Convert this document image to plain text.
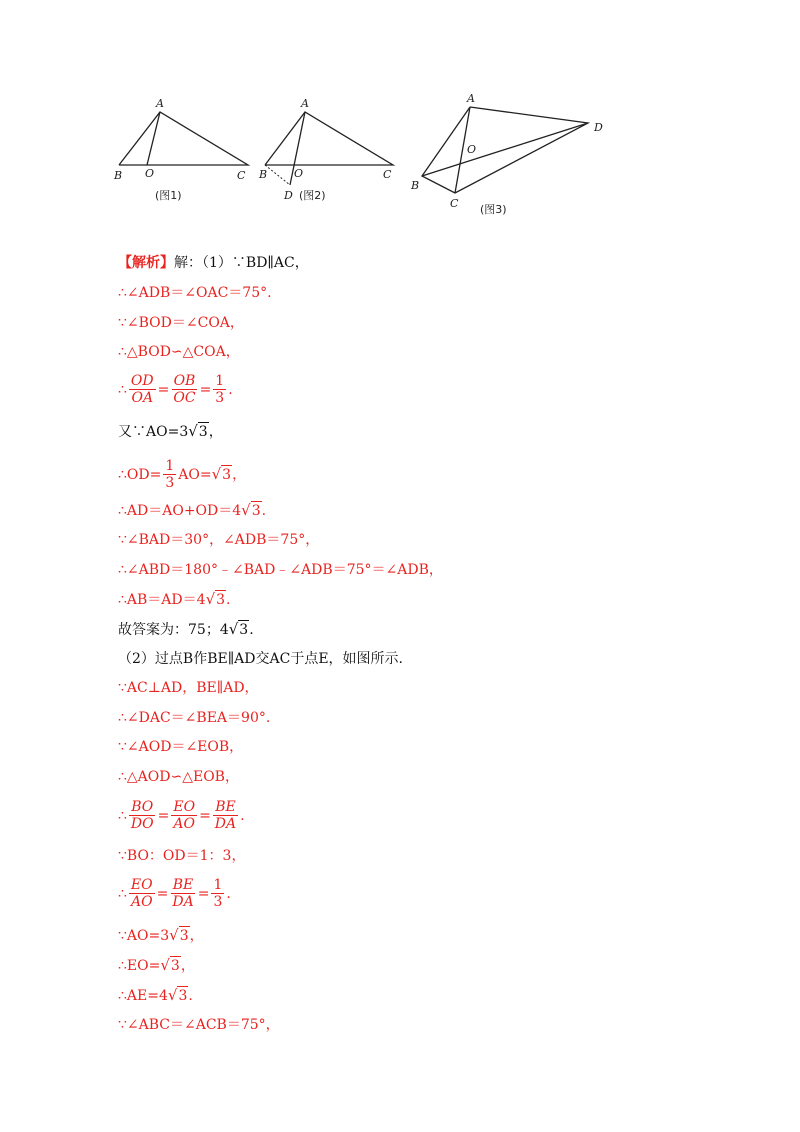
A
O
B	C
(图1)
A
O
B	C
D (图2)
A
O
B
C
D
(图3)
【解析】 解：（1）∵BD∥AC，
∴∠ADB＝∠OAC＝75°.
∵∠BOD＝∠COA，
∴△BOD∽△COA，
∴ $\frac{OD}{OA} = \frac{OB}{OC} = \frac{1}{3}$ .
又∵AO=3 √ 3 ，
∴OD= $\frac{1}{3} AO=$ √ 3 ，
∴AD＝AO+OD＝4 √ 3 .
∵∠BAD＝30°，∠ADB＝75°，
∴∠ABD＝180°﹣∠BAD﹣∠ADB＝75°＝∠ADB，
∴AB＝AD＝4 √ 3 .
故答案为：75；4 √ 3 .
（2）过点B作BE∥AD交AC于点E，如图所示.
∵AC⊥AD，BE∥AD，
∴∠DAC＝∠BEA＝90°.
∵∠AOD＝∠EOB，
∴△AOD∽△EOB，
∴ $\frac{BO}{DO} = \frac{EO}{AO} = \frac{BE}{DA}$ .
∵BO：OD＝1：3，
∴ $\frac{EO}{AO} = \frac{BE}{DA} = \frac{1}{3}$ .
∵AO=3 √ 3 ，
∴EO= √ 3 ，
∴AE=4 √ 3 .
∵∠ABC＝∠ACB＝75°，
